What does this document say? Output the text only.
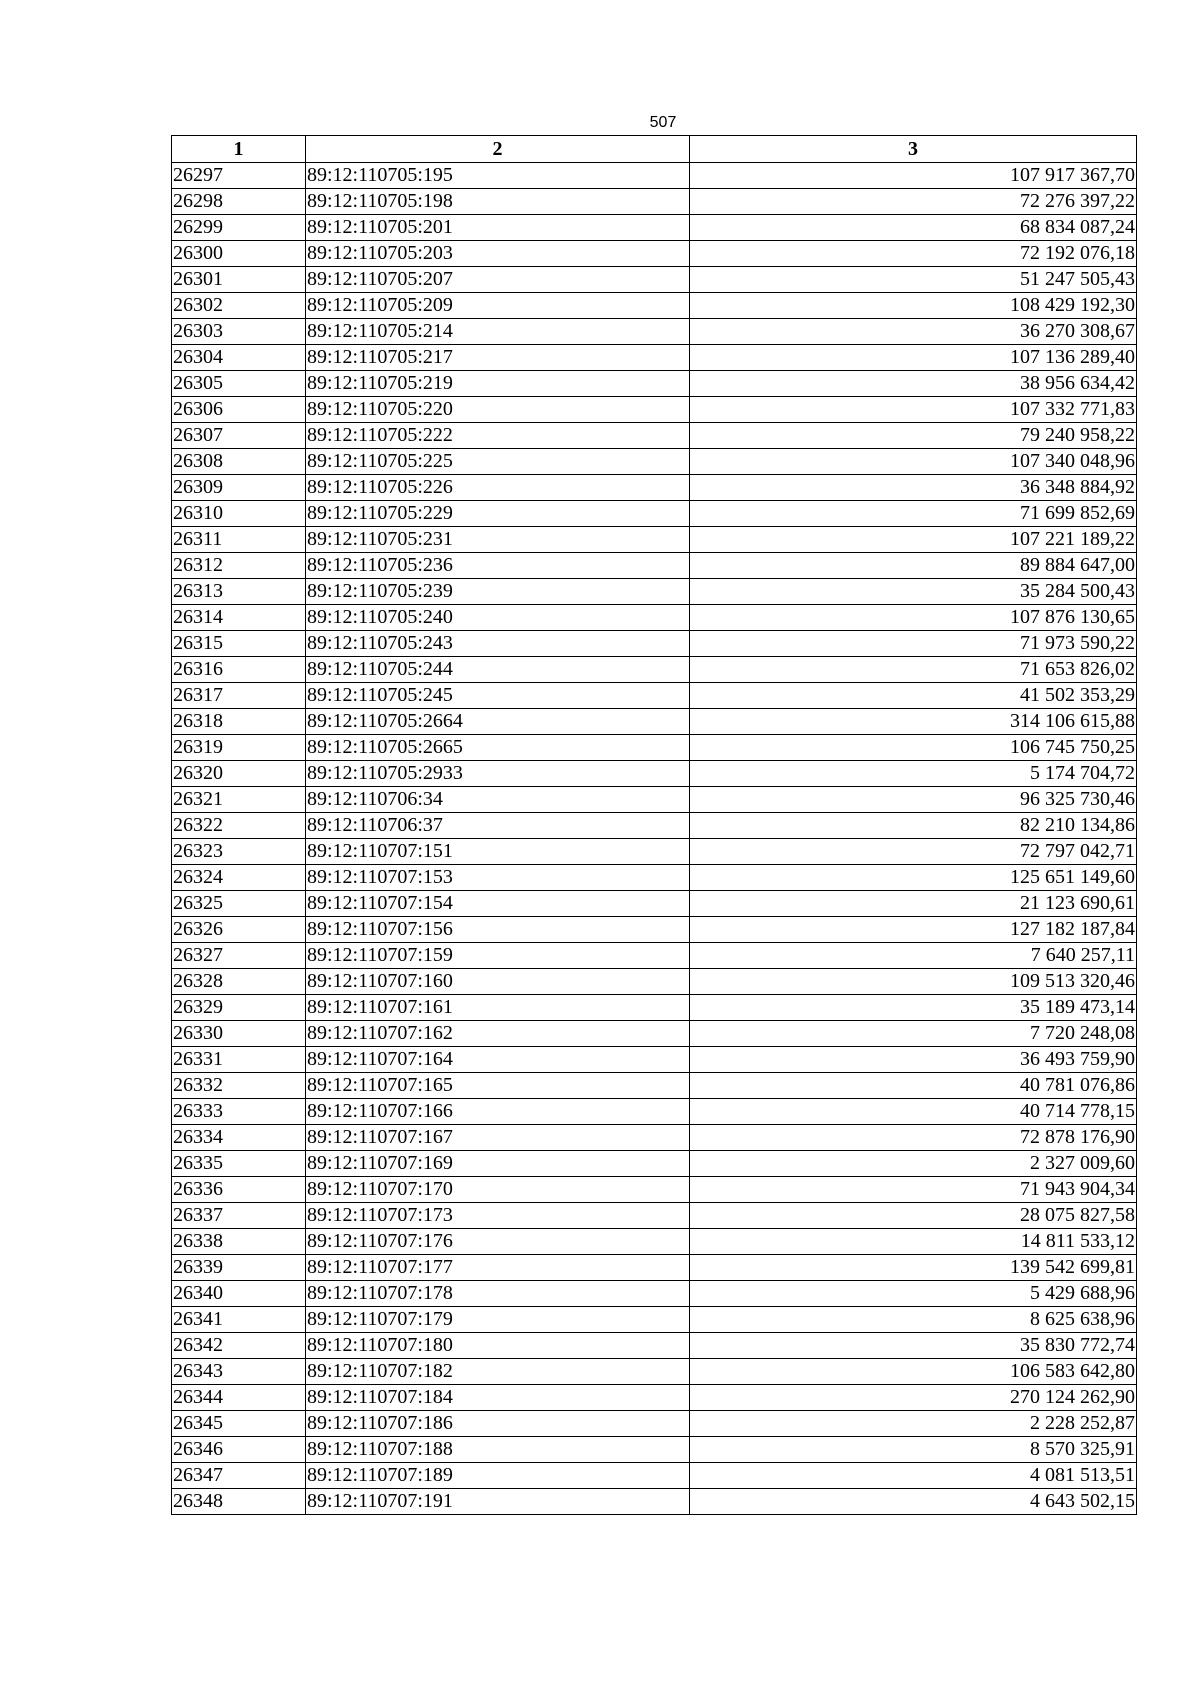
507
1	2	3
26297	89:12:110705:195	107 917 367,70
26298	89:12:110705:198	72 276 397,22
26299	89:12:110705:201	68 834 087,24
26300	89:12:110705:203	72 192 076,18
26301	89:12:110705:207	51 247 505,43
26302	89:12:110705:209	108 429 192,30
26303	89:12:110705:214	36 270 308,67
26304	89:12:110705:217	107 136 289,40
26305	89:12:110705:219	38 956 634,42
26306	89:12:110705:220	107 332 771,83
26307	89:12:110705:222	79 240 958,22
26308	89:12:110705:225	107 340 048,96
26309	89:12:110705:226	36 348 884,92
26310	89:12:110705:229	71 699 852,69
26311	89:12:110705:231	107 221 189,22
26312	89:12:110705:236	89 884 647,00
26313	89:12:110705:239	35 284 500,43
26314	89:12:110705:240	107 876 130,65
26315	89:12:110705:243	71 973 590,22
26316	89:12:110705:244	71 653 826,02
26317	89:12:110705:245	41 502 353,29
26318	89:12:110705:2664	314 106 615,88
26319	89:12:110705:2665	106 745 750,25
26320	89:12:110705:2933	5 174 704,72
26321	89:12:110706:34	96 325 730,46
26322	89:12:110706:37	82 210 134,86
26323	89:12:110707:151	72 797 042,71
26324	89:12:110707:153	125 651 149,60
26325	89:12:110707:154	21 123 690,61
26326	89:12:110707:156	127 182 187,84
26327	89:12:110707:159	7 640 257,11
26328	89:12:110707:160	109 513 320,46
26329	89:12:110707:161	35 189 473,14
26330	89:12:110707:162	7 720 248,08
26331	89:12:110707:164	36 493 759,90
26332	89:12:110707:165	40 781 076,86
26333	89:12:110707:166	40 714 778,15
26334	89:12:110707:167	72 878 176,90
26335	89:12:110707:169	2 327 009,60
26336	89:12:110707:170	71 943 904,34
26337	89:12:110707:173	28 075 827,58
26338	89:12:110707:176	14 811 533,12
26339	89:12:110707:177	139 542 699,81
26340	89:12:110707:178	5 429 688,96
26341	89:12:110707:179	8 625 638,96
26342	89:12:110707:180	35 830 772,74
26343	89:12:110707:182	106 583 642,80
26344	89:12:110707:184	270 124 262,90
26345	89:12:110707:186	2 228 252,87
26346	89:12:110707:188	8 570 325,91
26347	89:12:110707:189	4 081 513,51
26348	89:12:110707:191	4 643 502,15
